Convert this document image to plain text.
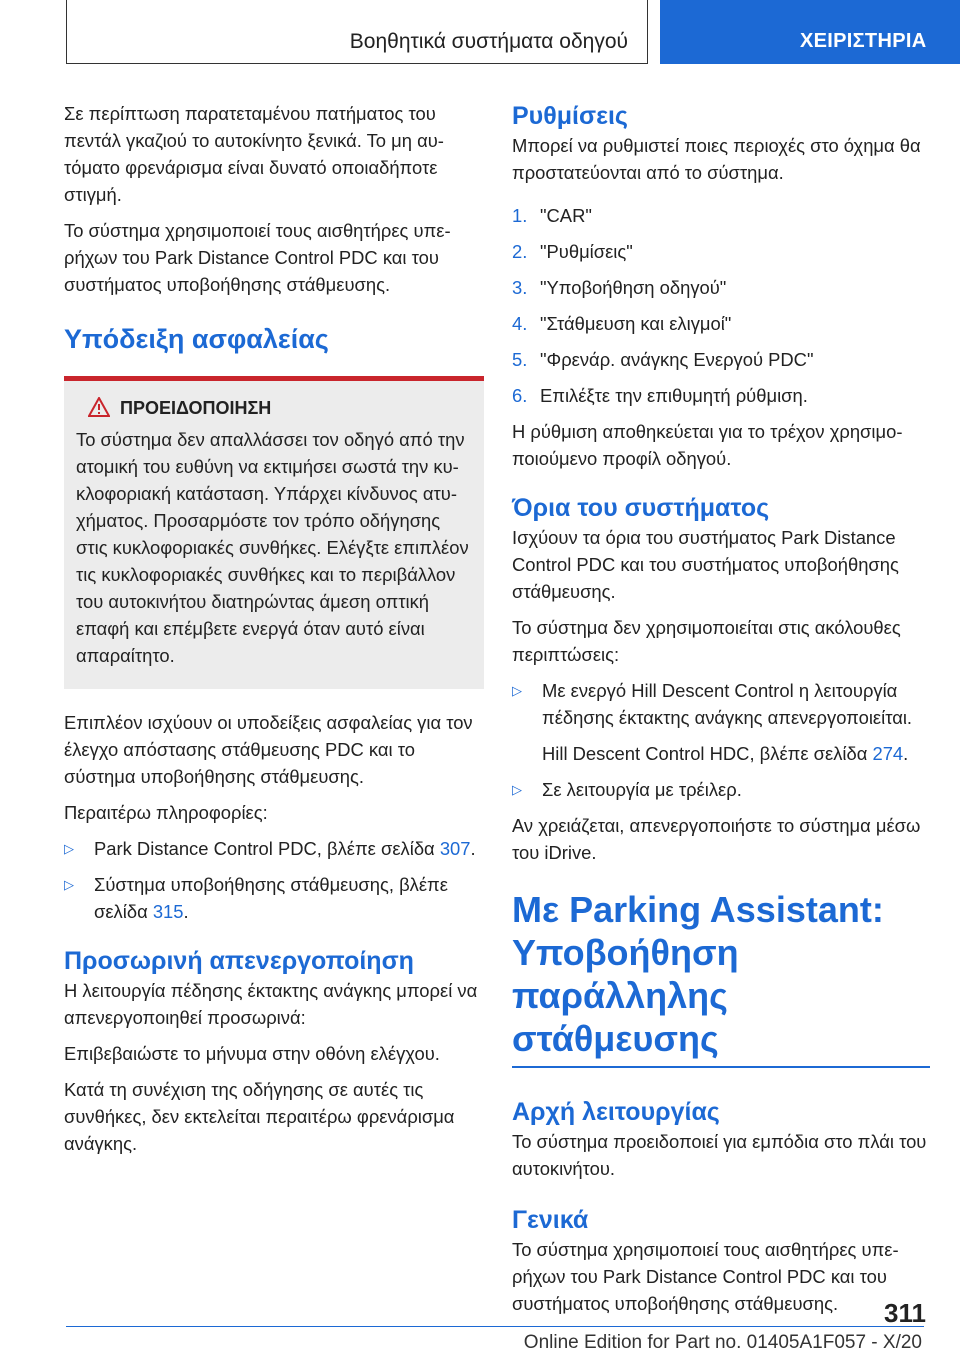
Βοηθητικά συστήματα οδηγού	ΧΕΙΡΙΣΤΗΡΙΑ

Σε περίπτωση παρατεταμένου πατήματος του πεντάλ γκαζιού το αυτοκίνητο ξενικά. Το μη αυτόματο φρενάρισμα είναι δυνατό οποιαδήποτε στιγμή.

Το σύστημα χρησιμοποιεί τους αισθητήρες υπερήχων του Park Distance Control PDC και του συστήματος υποβοήθησης στάθμευσης.

Υπόδειξη ασφαλείας
ΠΡΟΕΙΔΟΠΟΙΗΣΗ

Το σύστημα δεν απαλλάσσει τον οδηγό από την ατομική του ευθύνη να εκτιμήσει σωστά την κυκλοφοριακή κατάσταση. Υπάρχει κίνδυνος ατυχήματος. Προσαρμόστε τον τρόπο οδήγησης στις κυκλοφοριακές συνθήκες. Ελέγξτε επιπλέον τις κυκλοφοριακές συνθήκες και το περιβάλλον του αυτοκινήτου διατηρώντας άμεση οπτική επαφή και επέμβετε ενεργά όταν αυτό είναι απαραίτητο.

Επιπλέον ισχύουν οι υποδείξεις ασφαλείας για τον έλεγχο απόστασης στάθμευσης PDC και το σύστημα υποβοήθησης στάθμευσης.

Περαιτέρω πληροφορίες:

▷ Park Distance Control PDC, βλέπε σελίδα 307.
▷ Σύστημα υποβοήθησης στάθμευσης, βλέπε σελίδα 315.
Προσωρινή απενεργοποίηση

Η λειτουργία πέδησης έκτακτης ανάγκης μπορεί να απενεργοποιηθεί προσωρινά:

Επιβεβαιώστε το μήνυμα στην οθόνη ελέγχου.

Κατά τη συνέχιση της οδήγησης σε αυτές τις συνθήκες, δεν εκτελείται περαιτέρω φρενάρισμα ανάγκης.

Ρυθμίσεις

Μπορεί να ρυθμιστεί ποιες περιοχές στο όχημα θα προστατεύονται από το σύστημα.

1. "CAR"
2. "Ρυθμίσεις"
3. "Υποβοήθηση οδηγού"
4. "Στάθμευση και ελιγμοί"
5. "Φρενάρ. ανάγκης Ενεργού PDC"
6. Επιλέξτε την επιθυμητή ρύθμιση.

Η ρύθμιση αποθηκεύεται για το τρέχον χρησιμοποιούμενο προφίλ οδηγού.

Όρια του συστήματος

Ισχύουν τα όρια του συστήματος Park Distance Control PDC και του συστήματος υποβοήθησης στάθμευσης.

Το σύστημα δεν χρησιμοποιείται στις ακόλουθες περιπτώσεις:

▷ Με ενεργό Hill Descent Control η λειτουργία πέδησης έκτακτης ανάγκης απενεργοποιείται.
Hill Descent Control HDC, βλέπε σελίδα 274.
▷ Σε λειτουργία με τρέιλερ.

Αν χρειάζεται, απενεργοποιήστε το σύστημα μέσω του iDrive.

Με Parking Assistant: Υποβοήθηση παράλληλης στάθμευσης
Αρχή λειτουργίας

Το σύστημα προειδοποιεί για εμπόδια στο πλάι του αυτοκινήτου.

Γενικά

Το σύστημα χρησιμοποιεί τους αισθητήρες υπερήχων του Park Distance Control PDC και του συστήματος υποβοήθησης στάθμευσης.	311
Online Edition for Part no. 01405A1F057 - X/20
